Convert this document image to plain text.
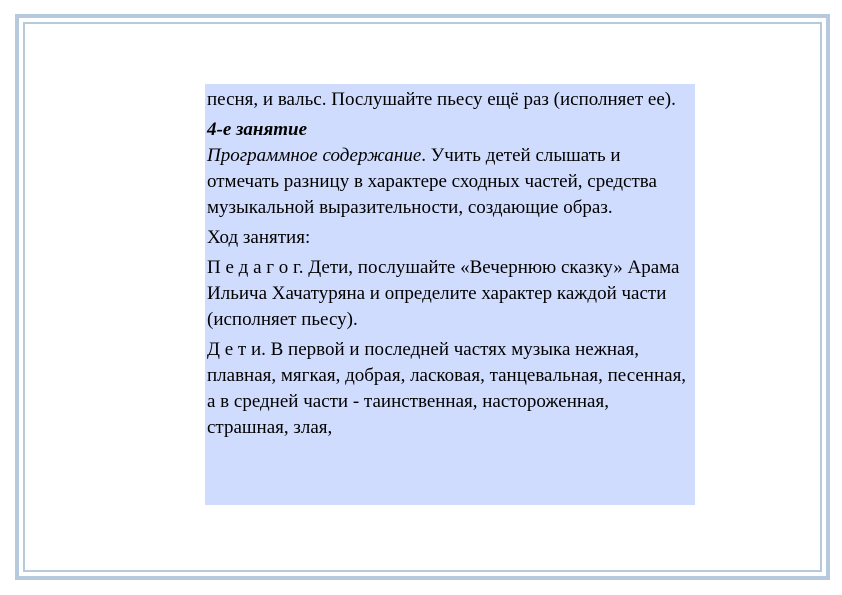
песня, и вальс. Послушайте пьесу ещё раз (исполняет ее).

4-е занятие

Программное содержание. Учить детей слышать и отмечать разницу в характере сходных частей, средства музыкальной выразительности, создающие образ.

Ход занятия:

П е д а г о г. Дети, послушайте «Вечернюю сказку» Арама Ильича Хачатуряна и определите характер каждой части (исполняет пьесу).

Д е т и. В первой и последней частях музыка нежная, плавная, мягкая, добрая, ласковая, танцевальная, песенная, а в средней части - таинственная, настороженная, страшная, злая,
